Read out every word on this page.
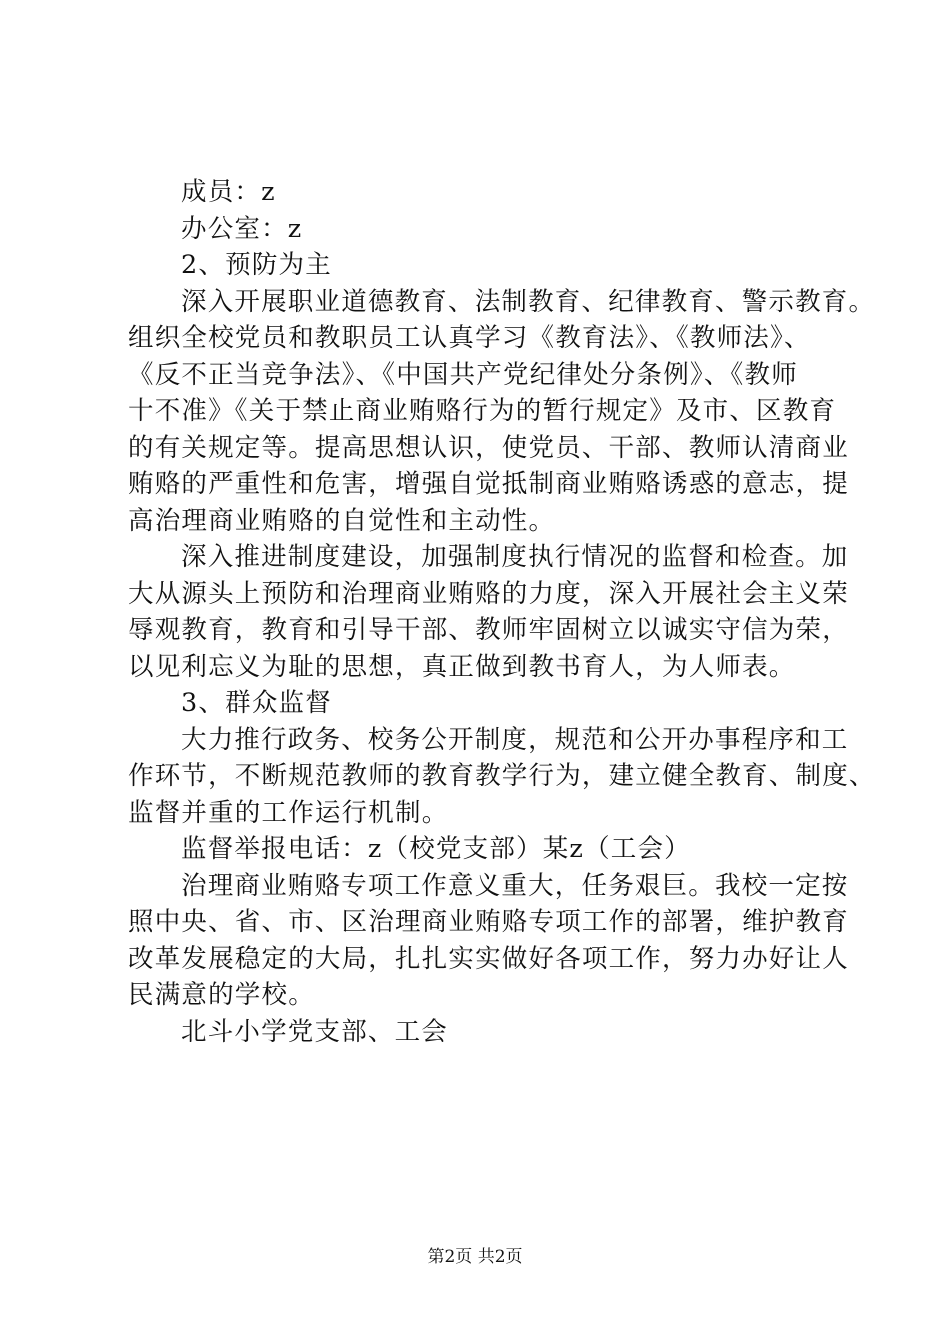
成员：z
办公室：z
2、预防为主
深入开展职业道德教育、法制教育、纪律教育、警示教育。
组织全校党员和教职员工认真学习《教育法》、《教师法》、
《反不正当竞争法》、《中国共产党纪律处分条例》、《教师
十不准》《关于禁止商业贿赂行为的暂行规定》及市、区教育
的有关规定等。提高思想认识，使党员、干部、教师认清商业
贿赂的严重性和危害，增强自觉抵制商业贿赂诱惑的意志，提
高治理商业贿赂的自觉性和主动性。
深入推进制度建设，加强制度执行情况的监督和检查。加
大从源头上预防和治理商业贿赂的力度，深入开展社会主义荣
辱观教育，教育和引导干部、教师牢固树立以诚实守信为荣，
以见利忘义为耻的思想，真正做到教书育人，为人师表。
3、群众监督
大力推行政务、校务公开制度，规范和公开办事程序和工
作环节，不断规范教师的教育教学行为，建立健全教育、制度、
监督并重的工作运行机制。
监督举报电话：z（校党支部）某z（工会）
治理商业贿赂专项工作意义重大，任务艰巨。我校一定按
照中央、省、市、区治理商业贿赂专项工作的部署，维护教育
改革发展稳定的大局，扎扎实实做好各项工作，努力办好让人
民满意的学校。
北斗小学党支部、工会
第2页 共2页
